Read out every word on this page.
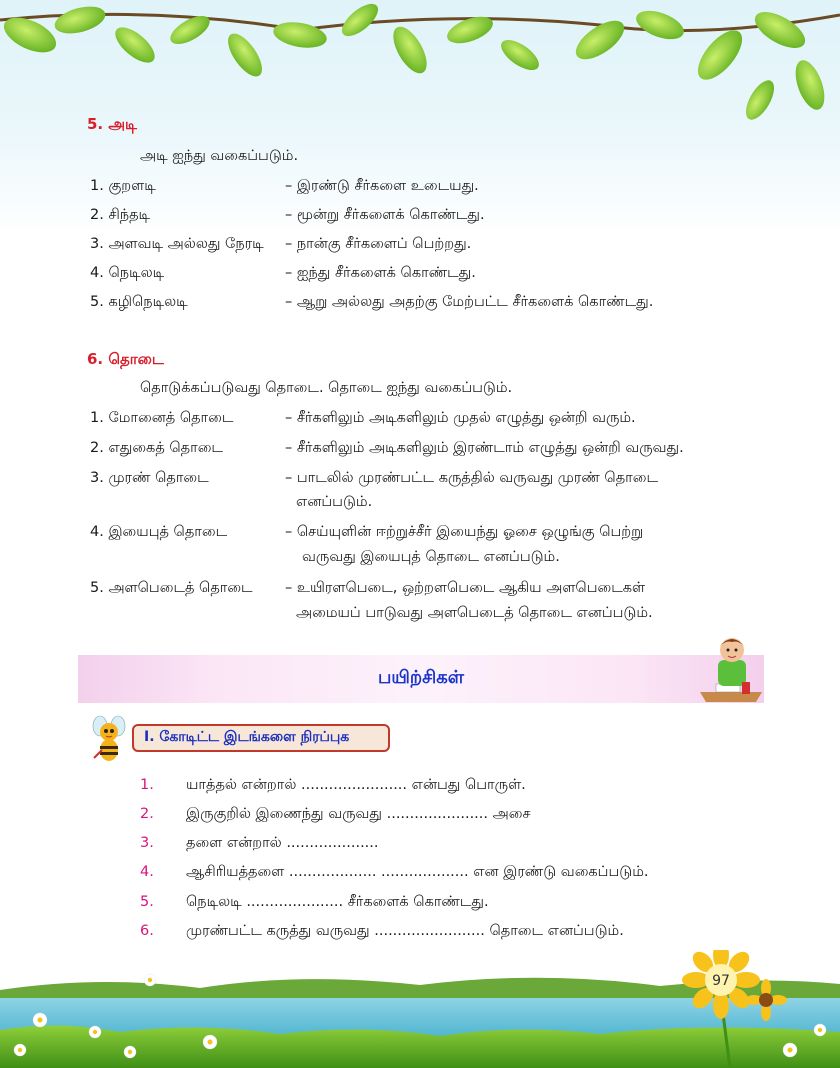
5. அடி
அடி ஐந்து வகைப்படும்.
1. குறளடி	– இரண்டு சீர்களை உடையது.
2. சிந்தடி	– மூன்று சீர்களைக் கொண்டது.
3. அளவடி அல்லது நேரடி – நான்கு சீர்களைப் பெற்றது.
4. நெடிலடி	– ஐந்து சீர்களைக் கொண்டது.
5. கழிநெடிலடி	– ஆறு அல்லது அதற்கு மேற்பட்ட சீர்களைக் கொண்டது.
6. தொடை
தொடுக்கப்படுவது தொடை. தொடை ஐந்து வகைப்படும்.
1. மோனைத் தொடை	– சீர்களிலும் அடிகளிலும் முதல் எழுத்து ஒன்றி வரும்.
2. எதுகைத் தொடை	– சீர்களிலும் அடிகளிலும் இரண்டாம் எழுத்து ஒன்றி வருவது.
3. முரண் தொடை	– பாடலில் முரண்பட்ட கருத்தில் வருவது முரண் தொடை
எனப்படும்.
4. இயைபுத் தொடை	– செய்யுளின் ஈற்றுச்சீர் இயைந்து ஓசை ஒழுங்கு பெற்று
வருவது இயைபுத் தொடை எனப்படும்.
5. அளபெடைத் தொடை – உயிரளபெடை, ஒற்றளபெடை ஆகிய அளபெடைகள்
அமையப் பாடுவது அளபெடைத் தொடை எனப்படும்.
பயிற்சிகள்
I. கோடிட்ட இடங்களை நிரப்புக
1. யாத்தல் என்றால் ....................... என்பது பொருள்.
2. இருகுறில் இணைந்து வருவது ...................... அசை
3. தளை என்றால் ....................
4. ஆசிரியத்தளை ................... ................... என இரண்டு வகைப்படும்.
5. நெடிலடி ..................... சீர்களைக் கொண்டது.
6. முரண்பட்ட கருத்து வருவது ........................ தொடை எனப்படும்.
97
